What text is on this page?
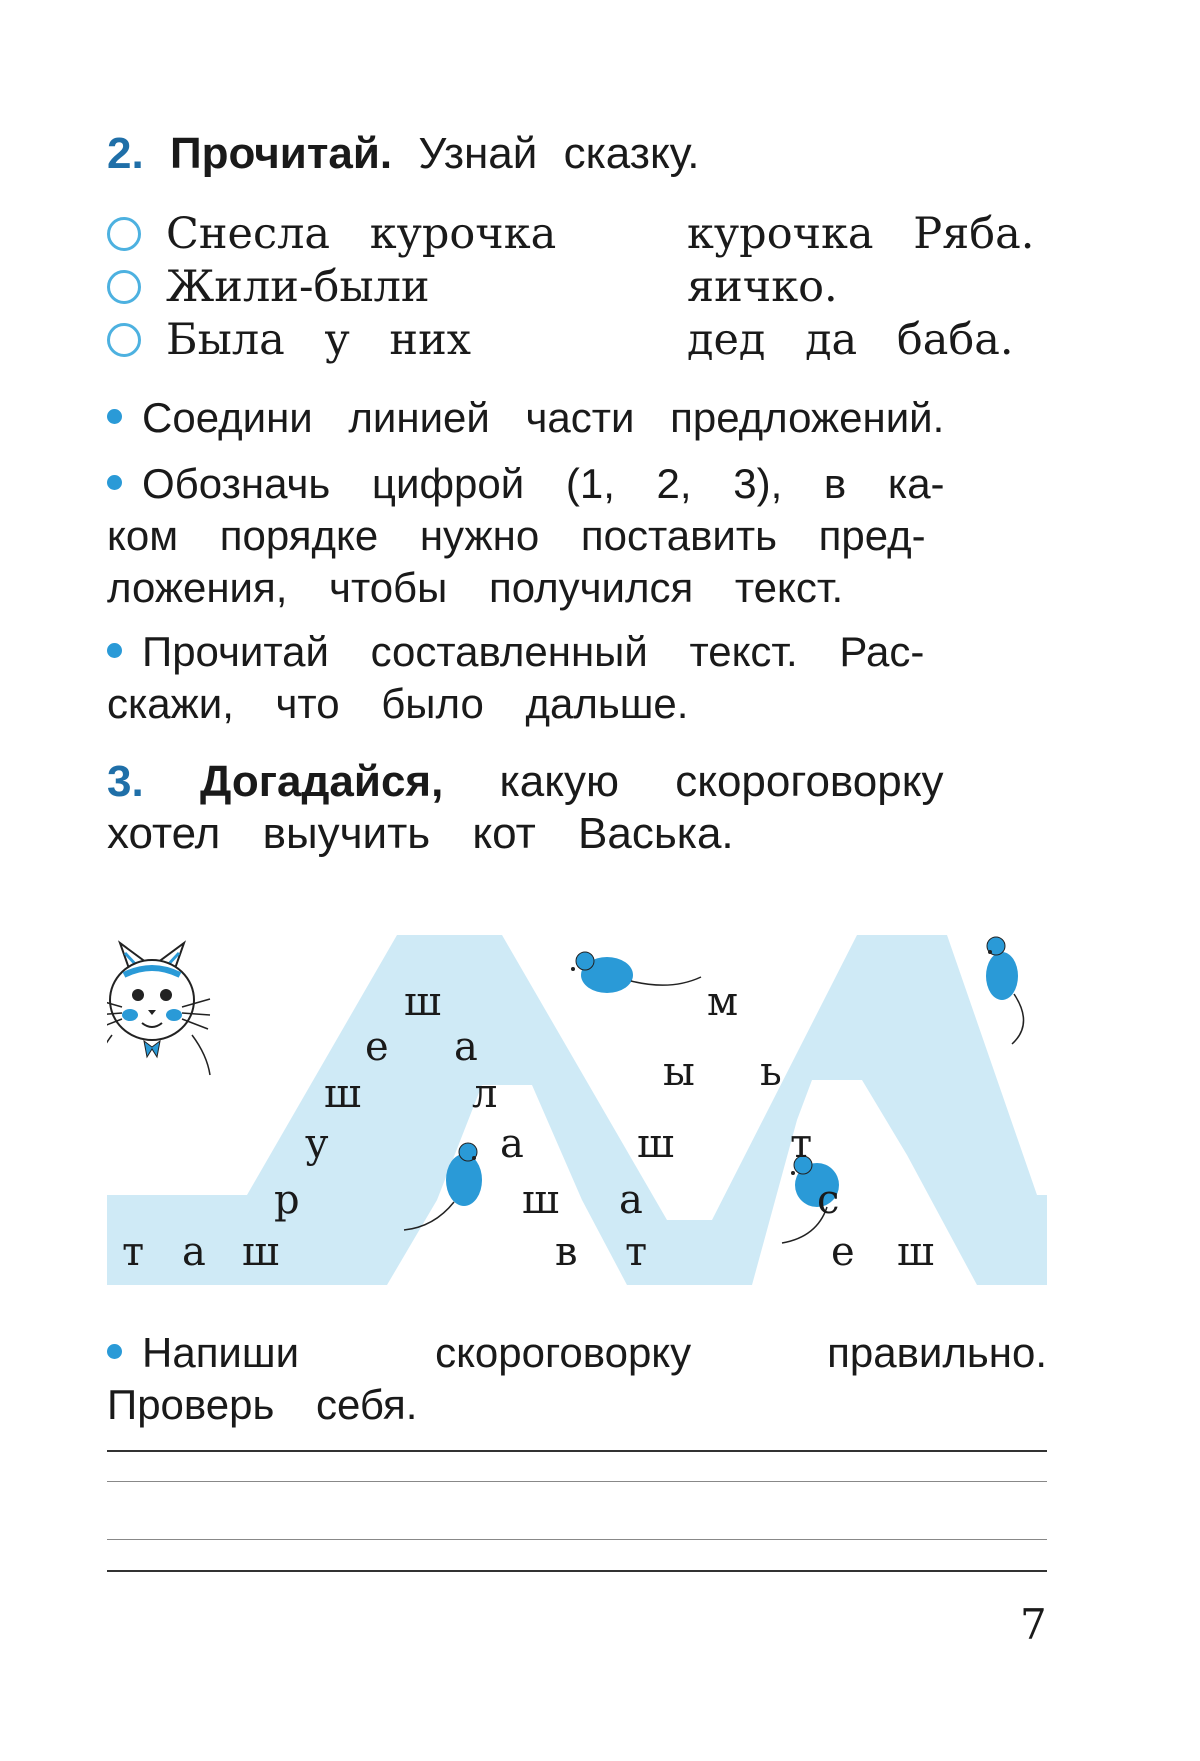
2. Прочитай. Узнай сказку.
Снесла курочка	курочка Ряба.
Жили-были	яичко.
Была у них	дед да баба.
Соедини линией части предложений.
Обозначь цифрой (1, 2, 3), в ка-
ком порядке нужно поставить пред-
ложения, чтобы получился текст.
Прочитай составленный текст. Рас-
скажи, что было дальше.
3. Догадайся, какую скороговорку
хотел выучить кот Васька.
т а ш
р
у
ш
е
ш
а
л
а
ш
в т
а
ш
ы
м
ь
т
с
е ш
Напиши	скороговорку	правильно.
Проверь себя.
7
